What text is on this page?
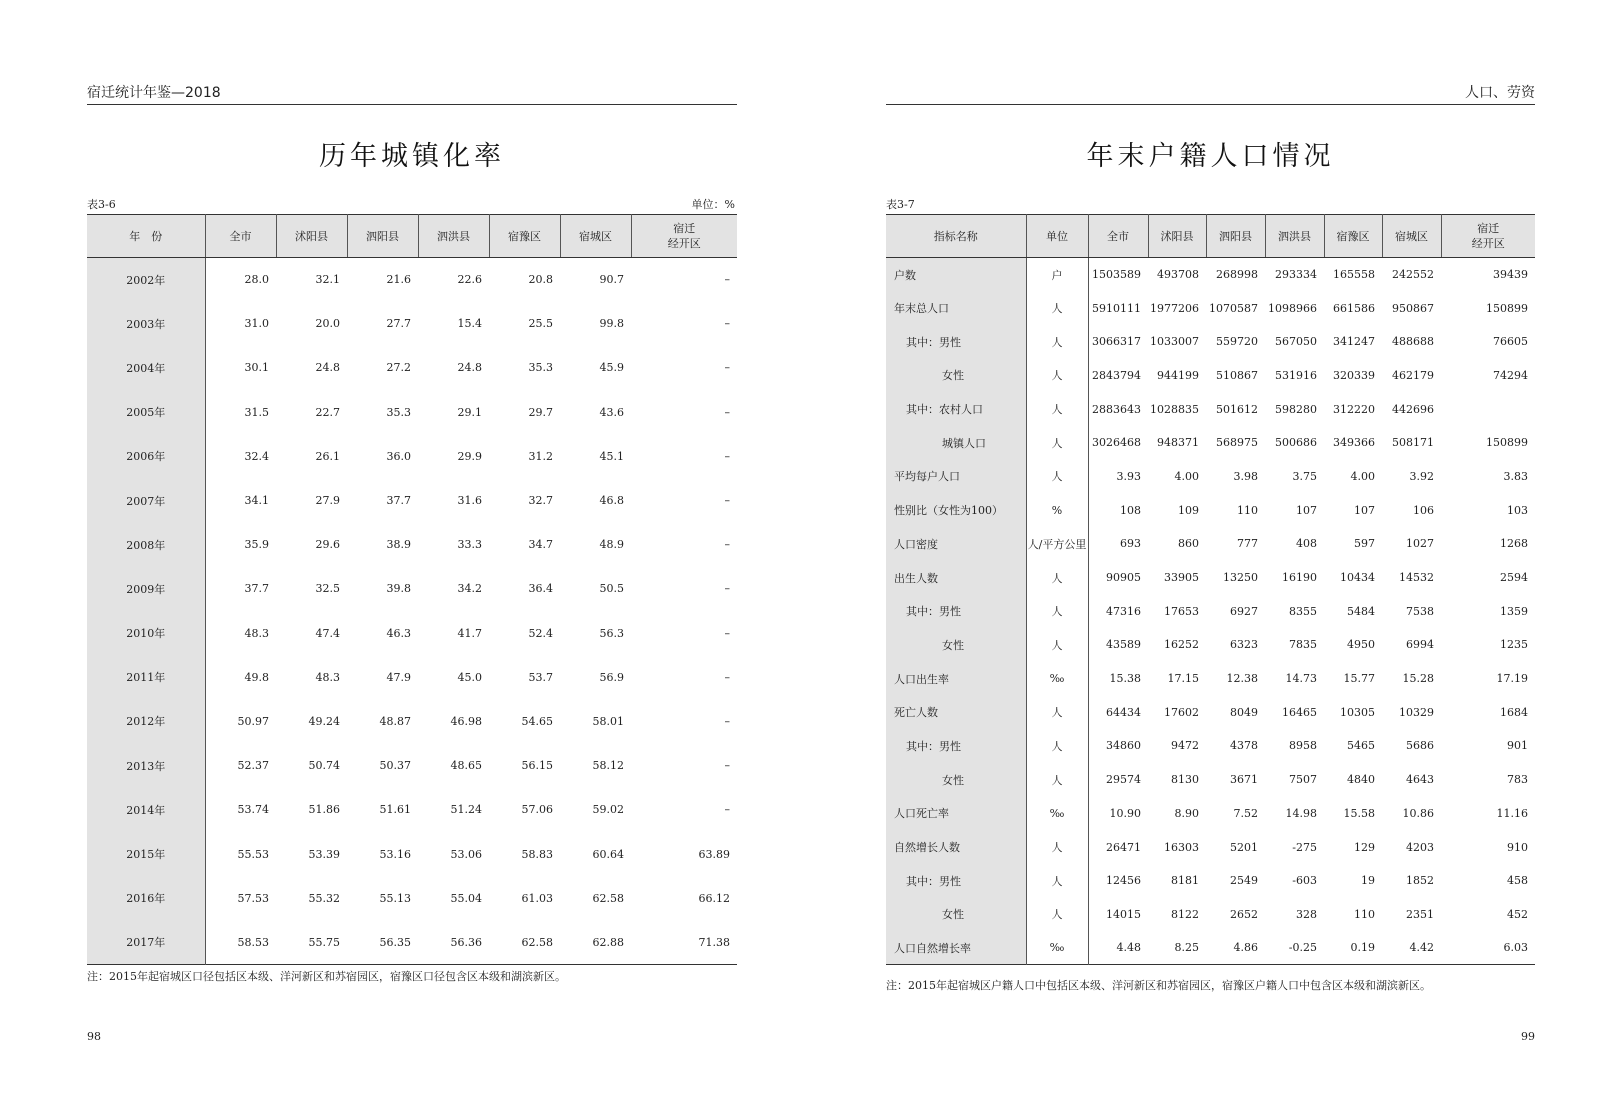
宿迁统计年鉴—2018
历年城镇化率
表3-6	单位：%
年　份	全市	沭阳县	泗阳县	泗洪县	宿豫区	宿城区	宿迁
经开区
2002年	28.0	32.1	21.6	22.6	20.8	90.7	–
2003年	31.0	20.0	27.7	15.4	25.5	99.8	–
2004年	30.1	24.8	27.2	24.8	35.3	45.9	–
2005年	31.5	22.7	35.3	29.1	29.7	43.6	–
2006年	32.4	26.1	36.0	29.9	31.2	45.1	–
2007年	34.1	27.9	37.7	31.6	32.7	46.8	–
2008年	35.9	29.6	38.9	33.3	34.7	48.9	–
2009年	37.7	32.5	39.8	34.2	36.4	50.5	–
2010年	48.3	47.4	46.3	41.7	52.4	56.3	–
2011年	49.8	48.3	47.9	45.0	53.7	56.9	–
2012年	50.97	49.24	48.87	46.98	54.65	58.01	–
2013年	52.37	50.74	50.37	48.65	56.15	58.12	–
2014年	53.74	51.86	51.61	51.24	57.06	59.02	–
2015年	55.53	53.39	53.16	53.06	58.83	60.64	63.89
2016年	57.53	55.32	55.13	55.04	61.03	62.58	66.12
2017年	58.53	55.75	56.35	56.36	62.58	62.88	71.38
注：2015年起宿城区口径包括区本级、洋河新区和苏宿园区，宿豫区口径包含区本级和湖滨新区。
98
人口、劳资
年末户籍人口情况
表3-7
指标名称	单位	全市	沭阳县	泗阳县	泗洪县	宿豫区	宿城区	宿迁
经开区
户数	户	1503589	493708	268998	293334	165558	242552	39439
年末总人口	人	5910111	1977206	1070587	1098966	661586	950867	150899
其中：男性	人	3066317	1033007	559720	567050	341247	488688	76605
女性	人	2843794	944199	510867	531916	320339	462179	74294
其中：农村人口	人	2883643	1028835	501612	598280	312220	442696	
城镇人口	人	3026468	948371	568975	500686	349366	508171	150899
平均每户人口	人	3.93	4.00	3.98	3.75	4.00	3.92	3.83
性别比（女性为100）	%	108	109	110	107	107	106	103
人口密度	人/平方公里	693	860	777	408	597	1027	1268
出生人数	人	90905	33905	13250	16190	10434	14532	2594
其中：男性	人	47316	17653	6927	8355	5484	7538	1359
女性	人	43589	16252	6323	7835	4950	6994	1235
人口出生率	‰	15.38	17.15	12.38	14.73	15.77	15.28	17.19
死亡人数	人	64434	17602	8049	16465	10305	10329	1684
其中：男性	人	34860	9472	4378	8958	5465	5686	901
女性	人	29574	8130	3671	7507	4840	4643	783
人口死亡率	‰	10.90	8.90	7.52	14.98	15.58	10.86	11.16
自然增长人数	人	26471	16303	5201	-275	129	4203	910
其中：男性	人	12456	8181	2549	-603	19	1852	458
女性	人	14015	8122	2652	328	110	2351	452
人口自然增长率	‰	4.48	8.25	4.86	-0.25	0.19	4.42	6.03
注：2015年起宿城区户籍人口中包括区本级、洋河新区和苏宿园区，宿豫区户籍人口中包含区本级和湖滨新区。
99
